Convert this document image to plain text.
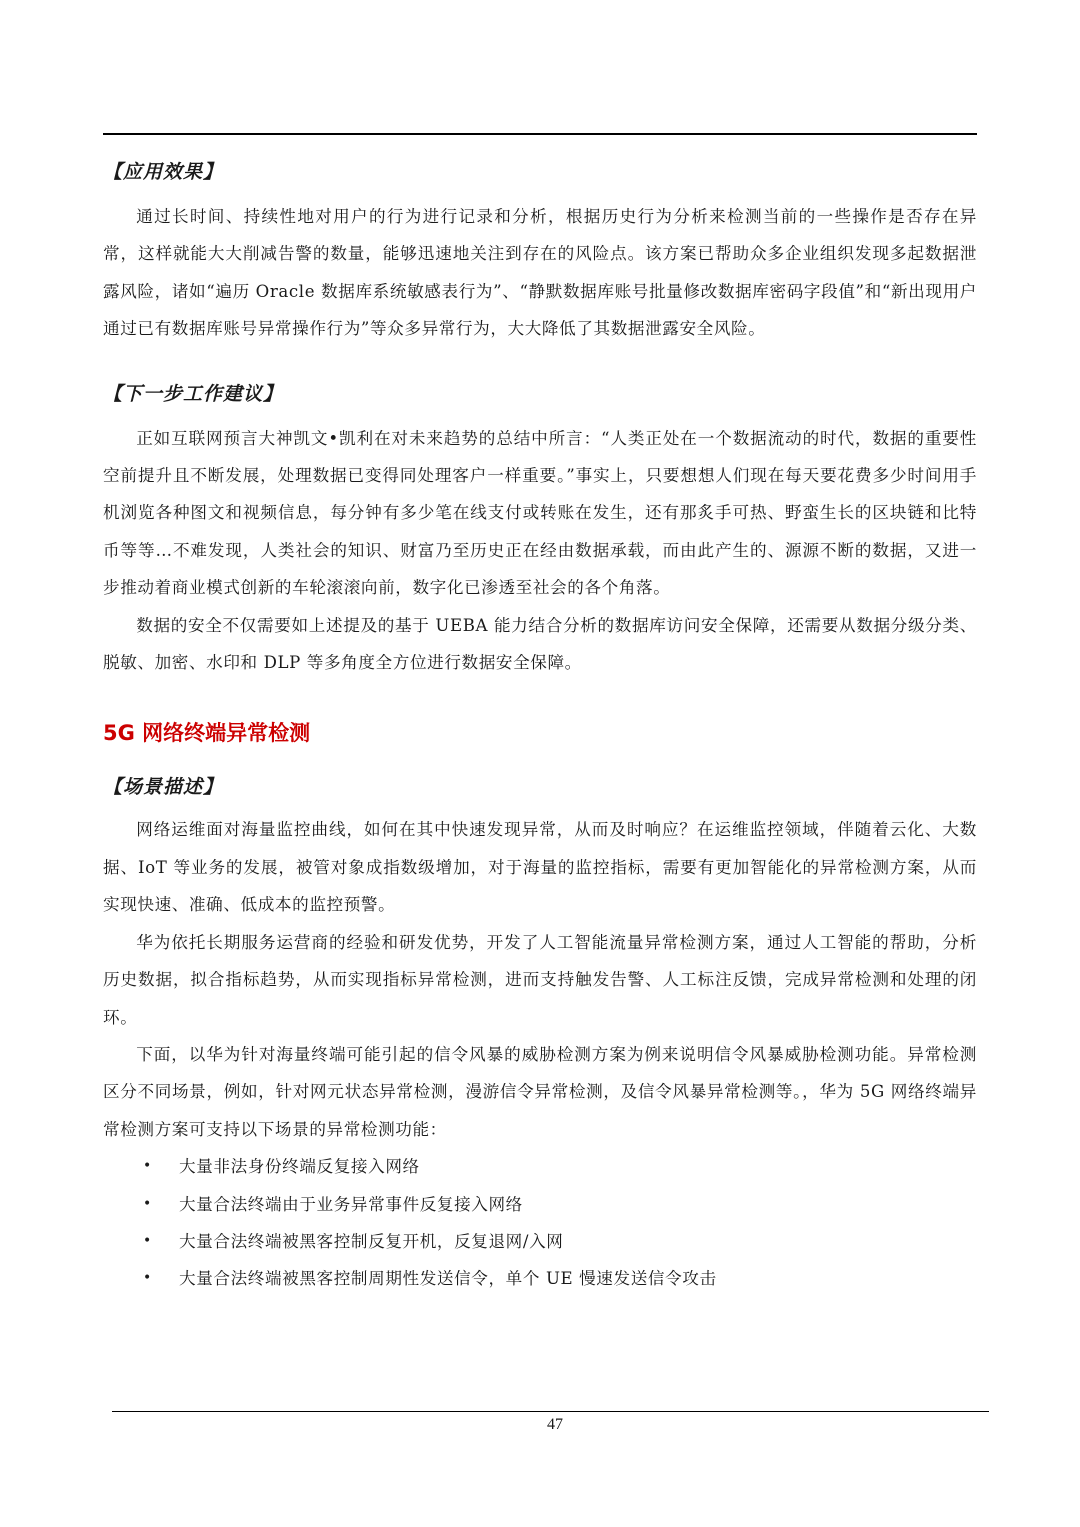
【应用效果】

通过长时间、持续性地对用户的行为进行记录和分析，根据历史行为分析来检测当前的一些操作是否存在异常，这样就能大大削减告警的数量，能够迅速地关注到存在的风险点。该方案已帮助众多企业组织发现多起数据泄露风险，诸如“遍历 Oracle 数据库系统敏感表行为”、“静默数据库账号批量修改数据库密码字段值”和“新出现用户通过已有数据库账号异常操作行为”等众多异常行为，大大降低了其数据泄露安全风险。

【下一步工作建议】

正如互联网预言大神凯文•凯利在对未来趋势的总结中所言：“人类正处在一个数据流动的时代，数据的重要性空前提升且不断发展，处理数据已变得同处理客户一样重要。”事实上，只要想想人们现在每天要花费多少时间用手机浏览各种图文和视频信息，每分钟有多少笔在线支付或转账在发生，还有那炙手可热、野蛮生长的区块链和比特币等等…不难发现，人类社会的知识、财富乃至历史正在经由数据承载，而由此产生的、源源不断的数据，又进一步推动着商业模式创新的车轮滚滚向前，数字化已渗透至社会的各个角落。

数据的安全不仅需要如上述提及的基于 UEBA 能力结合分析的数据库访问安全保障，还需要从数据分级分类、脱敏、加密、水印和 DLP 等多角度全方位进行数据安全保障。

5G 网络终端异常检测
【场景描述】

网络运维面对海量监控曲线，如何在其中快速发现异常，从而及时响应？在运维监控领域，伴随着云化、大数据、IoT 等业务的发展，被管对象成指数级增加，对于海量的监控指标，需要有更加智能化的异常检测方案，从而实现快速、准确、低成本的监控预警。

华为依托长期服务运营商的经验和研发优势，开发了人工智能流量异常检测方案，通过人工智能的帮助，分析历史数据，拟合指标趋势，从而实现指标异常检测，进而支持触发告警、人工标注反馈，完成异常检测和处理的闭环。

下面，以华为针对海量终端可能引起的信令风暴的威胁检测方案为例来说明信令风暴威胁检测功能。异常检测区分不同场景，例如，针对网元状态异常检测，漫游信令异常检测，及信令风暴异常检测等。，华为 5G 网络终端异常检测方案可支持以下场景的异常检测功能：

• 大量非法身份终端反复接入网络
• 大量合法终端由于业务异常事件反复接入网络
• 大量合法终端被黑客控制反复开机，反复退网/入网
• 大量合法终端被黑客控制周期性发送信令，单个 UE 慢速发送信令攻击
47
